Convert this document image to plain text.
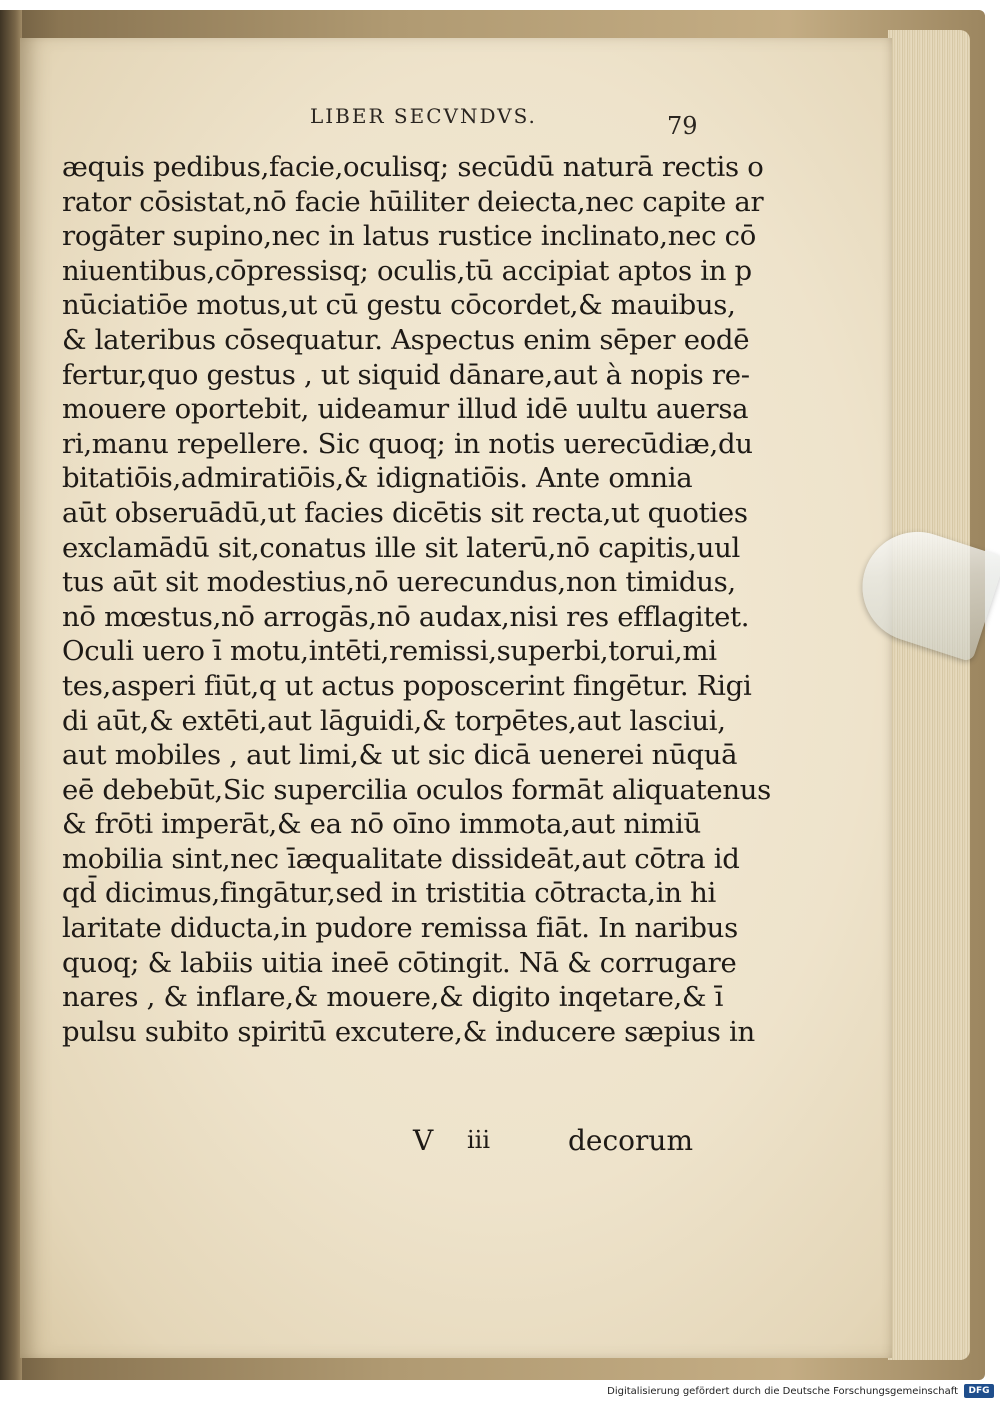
LIBER SECVNDVS.	79
æquis pedibus,facie,oculisq; secūdū naturā rectis o
rator cōsistat,nō facie hūiliter deiecta,nec capite ar
rogāter supino,nec in latus rustice inclinato,nec cō
niuentibus,cōpressisq; oculis,tū accipiat aptos in p
nūciatiōe motus,ut cū gestu cōcordet,& mauibus,
& lateribus cōsequatur. Aspectus enim sēper eodē
fertur,quo gestus , ut siquid dānare,aut à nopis re-
mouere oportebit, uideamur illud idē uultu auersa
ri,manu repellere. Sic quoq; in notis uerecūdiæ,du
bitatiōis,admiratiōis,& idignatiōis. Ante omnia
aūt obseruādū,ut facies dicētis sit recta,ut quoties
exclamādū sit,conatus ille sit laterū,nō capitis,uul
tus aūt sit modestius,nō uerecundus,non timidus,
nō mœstus,nō arrogās,nō audax,nisi res efflagitet.
Oculi uero ī motu,intēti,remissi,superbi,torui,mi
tes,asperi fiūt,q ut actus poposcerint fingētur. Rigi
di aūt,& extēti,aut lāguidi,& torpētes,aut lasciui,
aut mobiles , aut limi,& ut sic dicā uenerei nūquā
eē debebūt,Sic supercilia oculos formāt aliquatenus
& frōti imperāt,& ea nō oīno immota,aut nimiū
mobilia sint,nec īæqualitate dissideāt,aut cōtra id
qd̄ dicimus,fingātur,sed in tristitia cōtracta,in hi
laritate diducta,in pudore remissa fiāt. In naribus
quoq; & labiis uitia ineē cōtingit. Nā & corrugare
nares , & inflare,& mouere,& digito inqetare,& ī
pulsu subito spiritū excutere,& inducere sæpius in
V iii	decorum
Digitalisierung gefördert durch die Deutsche Forschungsgemeinschaft	DFG
